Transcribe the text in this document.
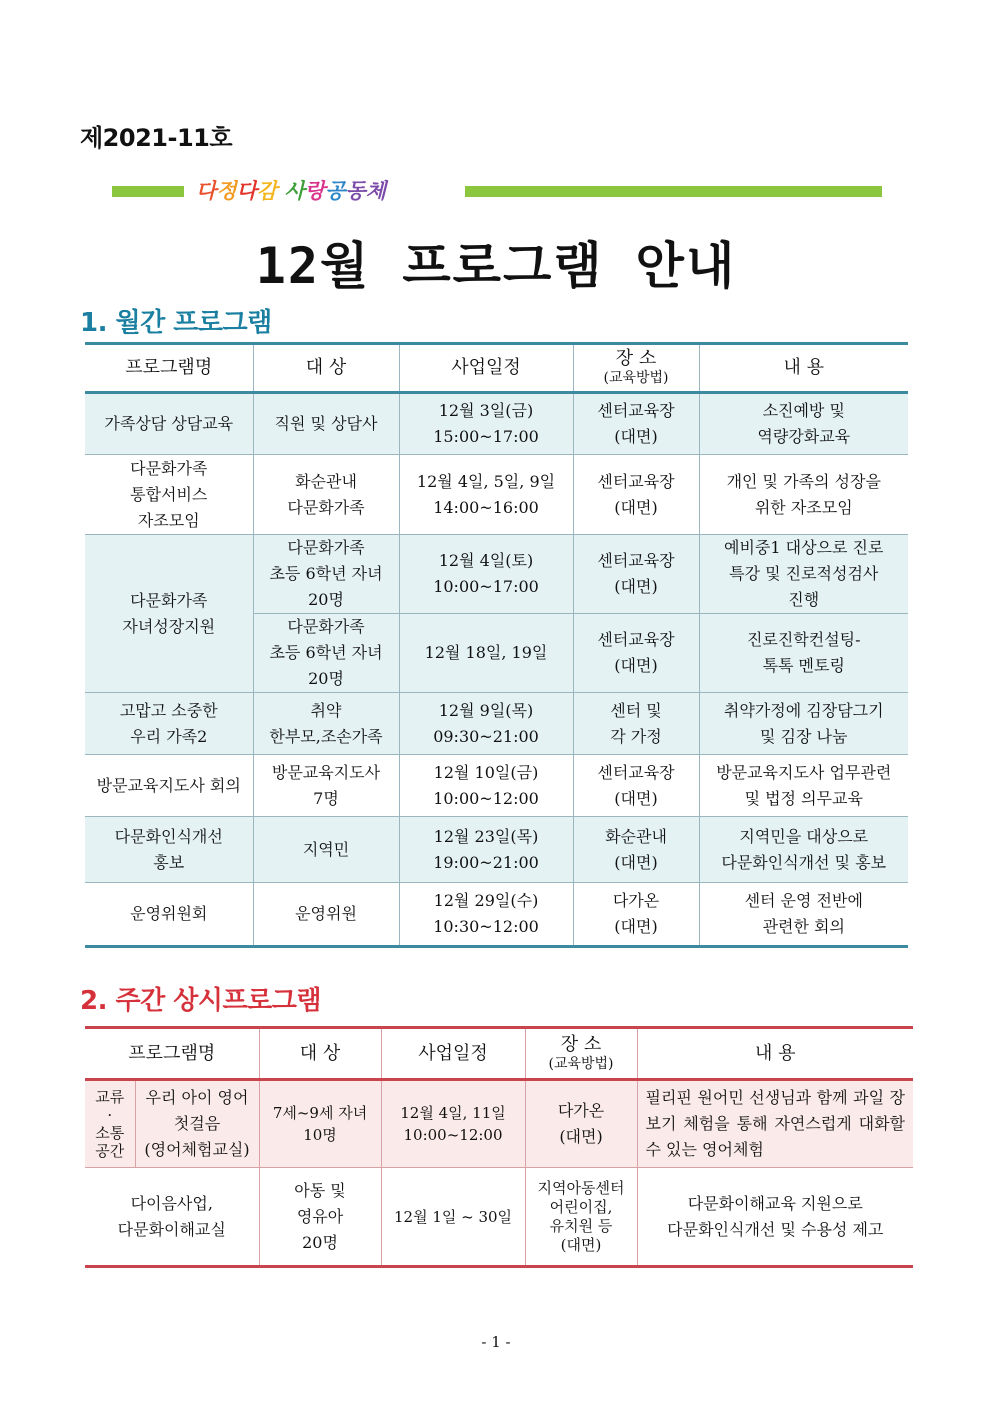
제2021-11호
다정다감 사랑공동체
12월 프로그램 안내
1. 월간 프로그램
프로그램명	대 상	사업일정	장 소
(교육방법)	내 용

가족상담 상담교육	직원 및 상담사	12월 3일(금)
15:00~17:00	센터교육장
(대면)	소진예방 및
역량강화교육

다문화가족
통합서비스
자조모임	화순관내
다문화가족	12월 4일, 5일, 9일
14:00~16:00	센터교육장
(대면)	개인 및 가족의 성장을
위한 자조모임

다문화가족
자녀성장지원	다문화가족
초등 6학년 자녀
20명	12월 4일(토)
10:00~17:00	센터교육장
(대면)	예비중1 대상으로 진로
특강 및 진로적성검사
진행

	다문화가족
초등 6학년 자녀
20명	12월 18일, 19일	센터교육장
(대면)	진로진학컨설팅-
톡톡 멘토링

고맙고 소중한
우리 가족2	취약
한부모,조손가족	12월 9일(목)
09:30~21:00	센터 및
각 가정	취약가정에 김장담그기
및 김장 나눔

방문교육지도사 회의	방문교육지도사
7명	12월 10일(금)
10:00~12:00	센터교육장
(대면)	방문교육지도사 업무관련
및 법정 의무교육

다문화인식개선
홍보	지역민	12월 23일(목)
19:00~21:00	화순관내
(대면)	지역민을 대상으로
다문화인식개선 및 홍보

운영위원회	운영위원	12월 29일(수)
10:30~12:00	다가온
(대면)	센터 운영 전반에
관련한 회의
2. 주간 상시프로그램
프로그램명		대 상	사업일정	장 소
(교육방법)	내 용

교류
·
소통
공간	우리 아이 영어
첫걸음
(영어체험교실)	7세~9세 자녀
10명	12월 4일, 11일
10:00~12:00	다가온
(대면)	필리핀 원어민 선생님과 함께 과일 장보기 체험을 통해 자연스럽게 대화할 수 있는 영어체험

다이음사업,
다문화이해교실		아동 및
영유아
20명	12월 1일 ~ 30일	지역아동센터
어린이집,
유치원 등
(대면)	다문화이해교육 지원으로
다문화인식개선 및 수용성 제고
- 1 -
